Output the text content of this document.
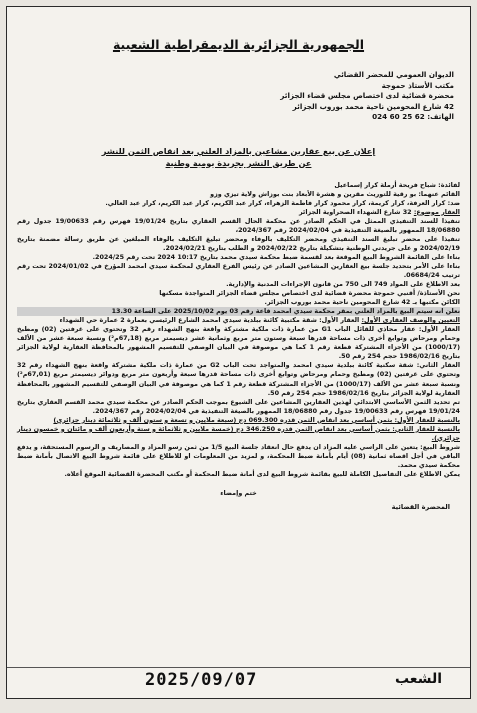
الجمهورية الجزائرية الديمقراطية الشعبية
الديوان العمومي للمحضر القضائي
مكتب الأستاذ حموجة
محضرة قضائية لدى اختصاص مجلس قضاء الجزائر
42 شارع المحومين ناحية محمد بوروب الجزائر
الهاتف: 62 25 60 024
إعلان عن بيع عقارين مشاعين بالمزاد العلني بعد انقاص الثمن للنشر
عن طريق النشر بجريدة يومية وطنية

لفائدة: شباح فريحة أرملة كرار إسماعيل

القائم عنهما: بو رقية للتوريث مقرين و هشرة الأبعاد بنت بوزاش ولاية تيزي وزو

ضد: كرار العرفة، كرار كريمة، كرار محمود كرار فاطمة الزهراء، كرار عبد الكريم، كرار عبد الكريم، كرار عبد العالي.

العقار موضوع: 32 شارع الشهداء الصحراوية الجزائر

تنفيذا للسند التنفيذي الممثل في الحكم الصادر عن محكمة الحال القسم العقاري بتاريخ 19/01/24 فهرس رقم 19/00633 جدول رقم 18/06880 الممهور بالصيغة التنفيذية في 2024/02/04 رقم 2024/367،

تنفيذا على محضر تبليغ السند التنفيذي ومحضر التكليف بالوفاء ومحضر تبليغ التكليف بالوفاء المبلغين عن طريق رسالة مضمنة بتاريخ 2024/02/19 و على جريدتي الوطنية بتشكيلة بتاريخ 2024/02/22 و الطلب بتاريخ 2024/02/21.

بناءا على القائمة الشروط البيع الموقعة بعد لقسمة ضبط محكمة سيدي محمد بتاريخ 10:17 2024 تحت رقم 2024/25.

بناءا على الأمر بتحديد جلسة بيع العقارين المشاعين الصادر عن رئيس الفرع العقاري لمحكمة سيدي امحمد المؤرخ في 2024/01/02 تحت رقم ترتيب 06684/24.

بعد الاطلاع على المواد 749 الى 750 من قانون الإجراءات المدنية والإدارية.

نحن الأستاذة/ أقنبي حموجة محضرة قضائية لدى اختصاص مجلس قضاء الجزائر المتواجدة مسكنها

الكائن مكتبها بـ 42 شارع المحومين ناحية محمد بوروب الجزائر.

نعلن انه سيتم البيع بالمزاد العلني بمقر محكمة سيدي امحمد قاعة رقم 03 يوم 2025/10/02 على الساعة 13.30

التعيين والوصف العقاري الأول: العقار الأول: شقة مكتبية كائنة ببلدية سيدي امحمد الشارع الرئيسي بعمارة 2 عمارة حي الشهداء

العقار الأول: عقار محاذي للقائل الباب G1 من عمارة ذات ملكية مشتركة واقعة بنهج الشهداء رقم 32 وتحتوي على غرفتين (02) ومطبخ وحمام ومرحاض وتوابع أخرى ذات مساحة قدرها سبعة وستون متر مربع وثمانية عشر ديسيمتر مربع (67,18م²) ونسبة سبعة عشر من الألف (1000/17) من الأجزاء المشتركة قطعة رقم 1 كما هي موصوفة في البيان الوصفي للتقسيم المشهور بالمحافظة العقارية لولاية الجزائر بتاريخ 1986/02/16 حجم 254 رقم 50.

العقار الثاني: شقة سكنية كائنة ببلدية سيدي امحمد والمتواجد تحت الباب G2 من عمارة ذات ملكية مشتركة واقعة بنهج الشهداء رقم 32 وتحتوي على غرفتين (02) ومطبخ وحمام ومرحاض وتوابع أخرى ذات مساحة قدرها سبعة وأربعون متر مربع ودوائر ديسيمتر مربع (67,01م²) ونسبة سبعة عشر من الألف (1000/17) من الأجزاء المشتركة قطعة رقم 1 كما هي موصوفة في البيان الوصفي للتقسيم المشهور بالمحافظة العقارية لولاية الجزائر بتاريخ 1986/02/16 حجم 254 رقم 50.

تم تحديد الثمن الأساسي الابتدائي لهذين العقارين المشاعين على الشيوع بموجب الحكم الصادر عن محكمة سيدي محمد القسم العقاري بتاريخ 19/01/24 فهرس رقم 19/00633 جدول رقم 18/06880 الممهور بالصيغة التنفيذية في 2024/02/04 رقم 2024/367.

بالنسبة للعقار الأول: بثمن أساسي بعد انقاص الثمن قدره 069.300 دج (سبعة ملايين و تسعة و ستون ألف و ثلاثمائة دينار جزائري)

بالنسبة للعقار الثاني: بثمن أساسي بعد انقاص الثمن قدره 346.250 دج (خمسة ملايين و ثلاثمائة و ستة وأربعون ألف و مائتان و خمسون دينار جزائري).

شروط البيع: يتعين على الراسي عليه المزاد ان يدفع حال انعقاد جلسة البيع 1/5 من ثمن رسو المزاد و المصاريف و الرسوم المستحقة، و يدفع الباقي في أجل اقصاه ثمانية (08) أيام بأمانة ضبط المحكمة، و لمزيد من المعلومات او للاطلاع على قائمة شروط البيع الاتصال بأمانة ضبط محكمة سيدي محمد.

يمكن الاطلاع على التفاصيل الكاملة للبيع بقائمة شروط البيع لدى أمانة ضبط المحكمة أو مكتب المحضرة القضائية الموقع أعلاه.

ختم وإمضاء
المحضرة القضائية
2025/09/07	الشعب
